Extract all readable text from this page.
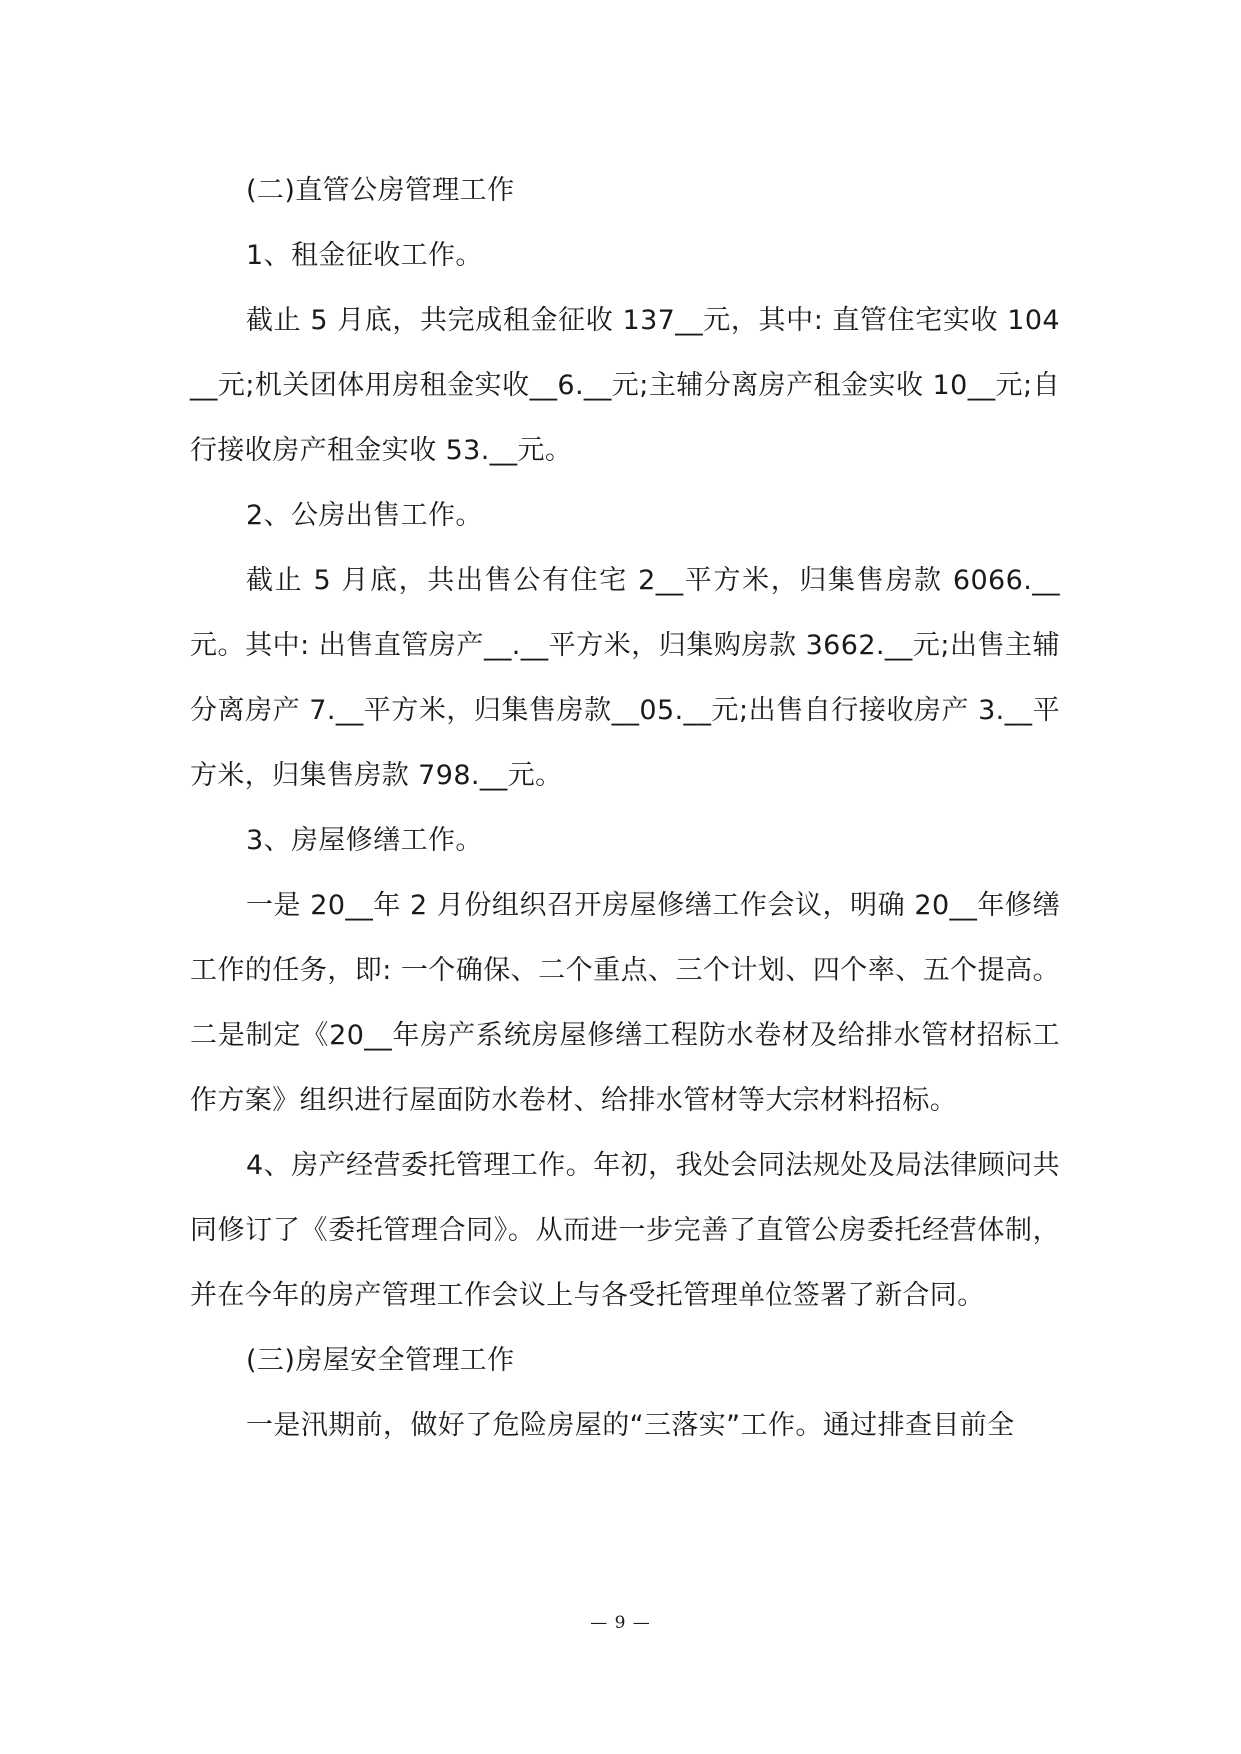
(二)直管公房管理工作

1、租金征收工作。

截止 5 月底，共完成租金征收 137__元，其中: 直管住宅实收 104__元;机关团体用房租金实收__6.__元;主辅分离房产租金实收 10__元;自行接收房产租金实收 53.__元。

2、公房出售工作。

截止 5 月底，共出售公有住宅 2__平方米，归集售房款 6066.__元。其中: 出售直管房产__.__平方米，归集购房款 3662.__元;出售主辅分离房产 7.__平方米，归集售房款__05.__元;出售自行接收房产 3.__平方米，归集售房款 798.__元。

3、房屋修缮工作。

一是 20__年 2 月份组织召开房屋修缮工作会议，明确 20__年修缮工作的任务，即: 一个确保、二个重点、三个计划、四个率、五个提高。二是制定《20__年房产系统房屋修缮工程防水卷材及给排水管材招标工作方案》组织进行屋面防水卷材、给排水管材等大宗材料招标。

4、房产经营委托管理工作。年初，我处会同法规处及局法律顾问共同修订了《委托管理合同》。从而进一步完善了直管公房委托经营体制，并在今年的房产管理工作会议上与各受托管理单位签署了新合同。

(三)房屋安全管理工作

一是汛期前，做好了危险房屋的“三落实”工作。通过排查目前全

— 9 —
